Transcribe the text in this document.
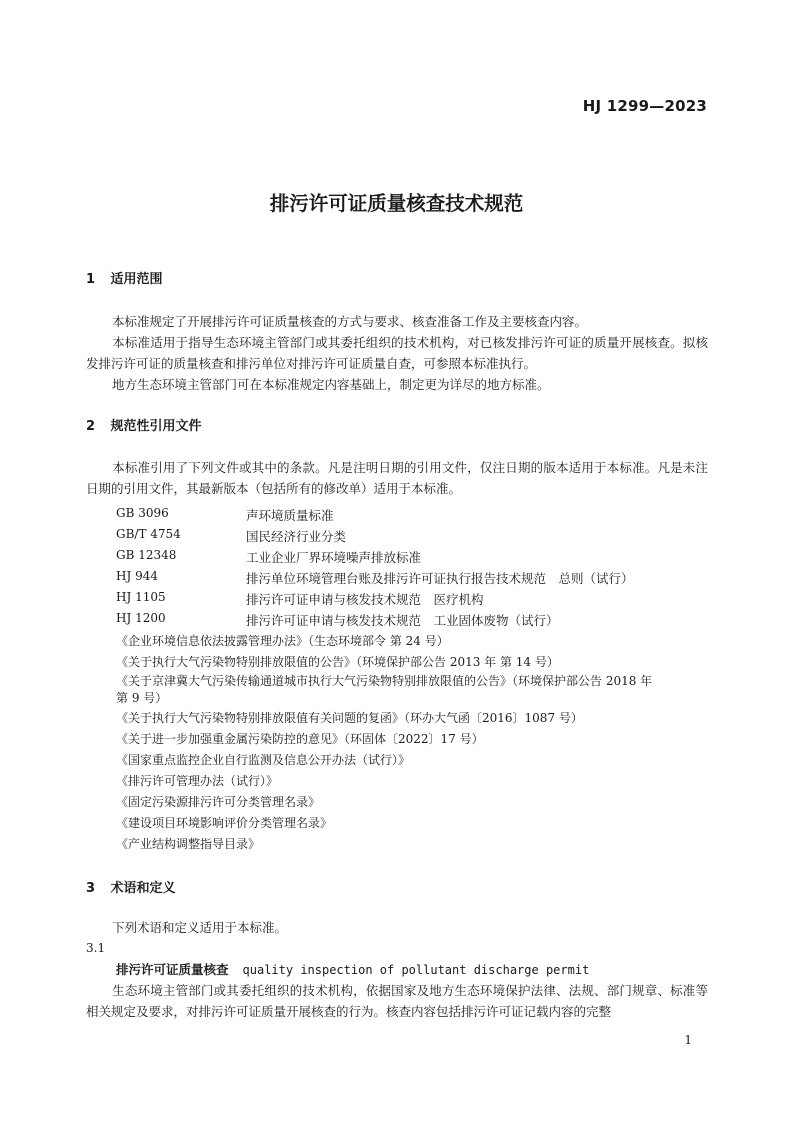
HJ 1299—2023
排污许可证质量核查技术规范
1 适用范围
本标准规定了开展排污许可证质量核查的方式与要求、核查准备工作及主要核查内容。
本标准适用于指导生态环境主管部门或其委托组织的技术机构，对已核发排污许可证的质量开展核查。拟核发排污许可证的质量核查和排污单位对排污许可证质量自查，可参照本标准执行。
地方生态环境主管部门可在本标准规定内容基础上，制定更为详尽的地方标准。
2 规范性引用文件
本标准引用了下列文件或其中的条款。凡是注明日期的引用文件，仅注日期的版本适用于本标准。凡是未注日期的引用文件，其最新版本（包括所有的修改单）适用于本标准。
GB 3096	声环境质量标准
GB/T 4754	国民经济行业分类
GB 12348	工业企业厂界环境噪声排放标准
HJ 944	排污单位环境管理台账及排污许可证执行报告技术规范　总则（试行）
HJ 1105	排污许可证申请与核发技术规范　医疗机构
HJ 1200	排污许可证申请与核发技术规范　工业固体废物（试行）
《企业环境信息依法披露管理办法》（生态环境部令 第 24 号）
《关于执行大气污染物特别排放限值的公告》（环境保护部公告 2013 年 第 14 号）
《关于京津冀大气污染传输通道城市执行大气污染物特别排放限值的公告》（环境保护部公告 2018 年
第 9 号）
《关于执行大气污染物特别排放限值有关问题的复函》（环办大气函〔2016〕1087 号）
《关于进一步加强重金属污染防控的意见》（环固体〔2022〕17 号）
《国家重点监控企业自行监测及信息公开办法（试行）》
《排污许可管理办法（试行）》
《固定污染源排污许可分类管理名录》
《建设项目环境影响评价分类管理名录》
《产业结构调整指导目录》
3 术语和定义
下列术语和定义适用于本标准。
3.1
排污许可证质量核查 quality inspection of pollutant discharge permit
生态环境主管部门或其委托组织的技术机构，依据国家及地方生态环境保护法律、法规、部门规章、标准等相关规定及要求，对排污许可证质量开展核查的行为。核查内容包括排污许可证记载内容的完整
1
